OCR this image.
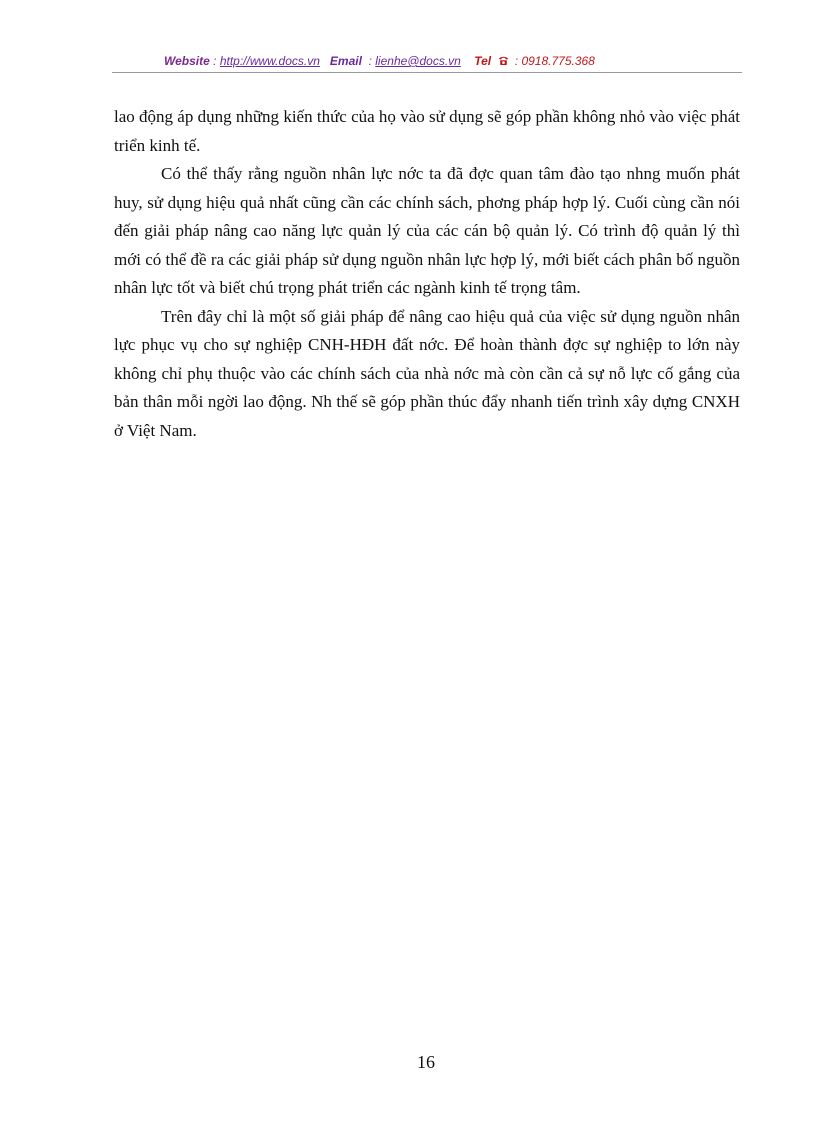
Website : http://www.docs.vn Email : lienhe@docs.vn Tel : 0918.775.368

lao động áp dụng những kiến thức của họ vào sử dụng sẽ góp phần không nhỏ vào việc phát triển kinh tế.

Có thể thấy rằng nguồn nhân lực nớc ta đã đợc quan tâm đào tạo nhng muốn phát huy, sử dụng hiệu quả nhất cũng cần các chính sách, phơng pháp hợp lý. Cuối cùng cần nói đến giải pháp nâng cao năng lực quản lý của các cán bộ quản lý. Có trình độ quản lý thì mới có thể đề ra các giải pháp sử dụng nguồn nhân lực hợp lý, mới biết cách phân bố nguồn nhân lực tốt và biết chú trọng phát triển các ngành kinh tế trọng tâm.

Trên đây chỉ là một số giải pháp để nâng cao hiệu quả của việc sử dụng nguồn nhân lực phục vụ cho sự nghiệp CNH-HĐH đất nớc. Để hoàn thành đợc sự nghiệp to lớn này không chỉ phụ thuộc vào các chính sách của nhà nớc mà còn cần cả sự nỗ lực cố gắng của bản thân mỗi ngời lao động. Nh thế sẽ góp phần thúc đẩy nhanh tiến trình xây dựng CNXH ở Việt Nam.

16
